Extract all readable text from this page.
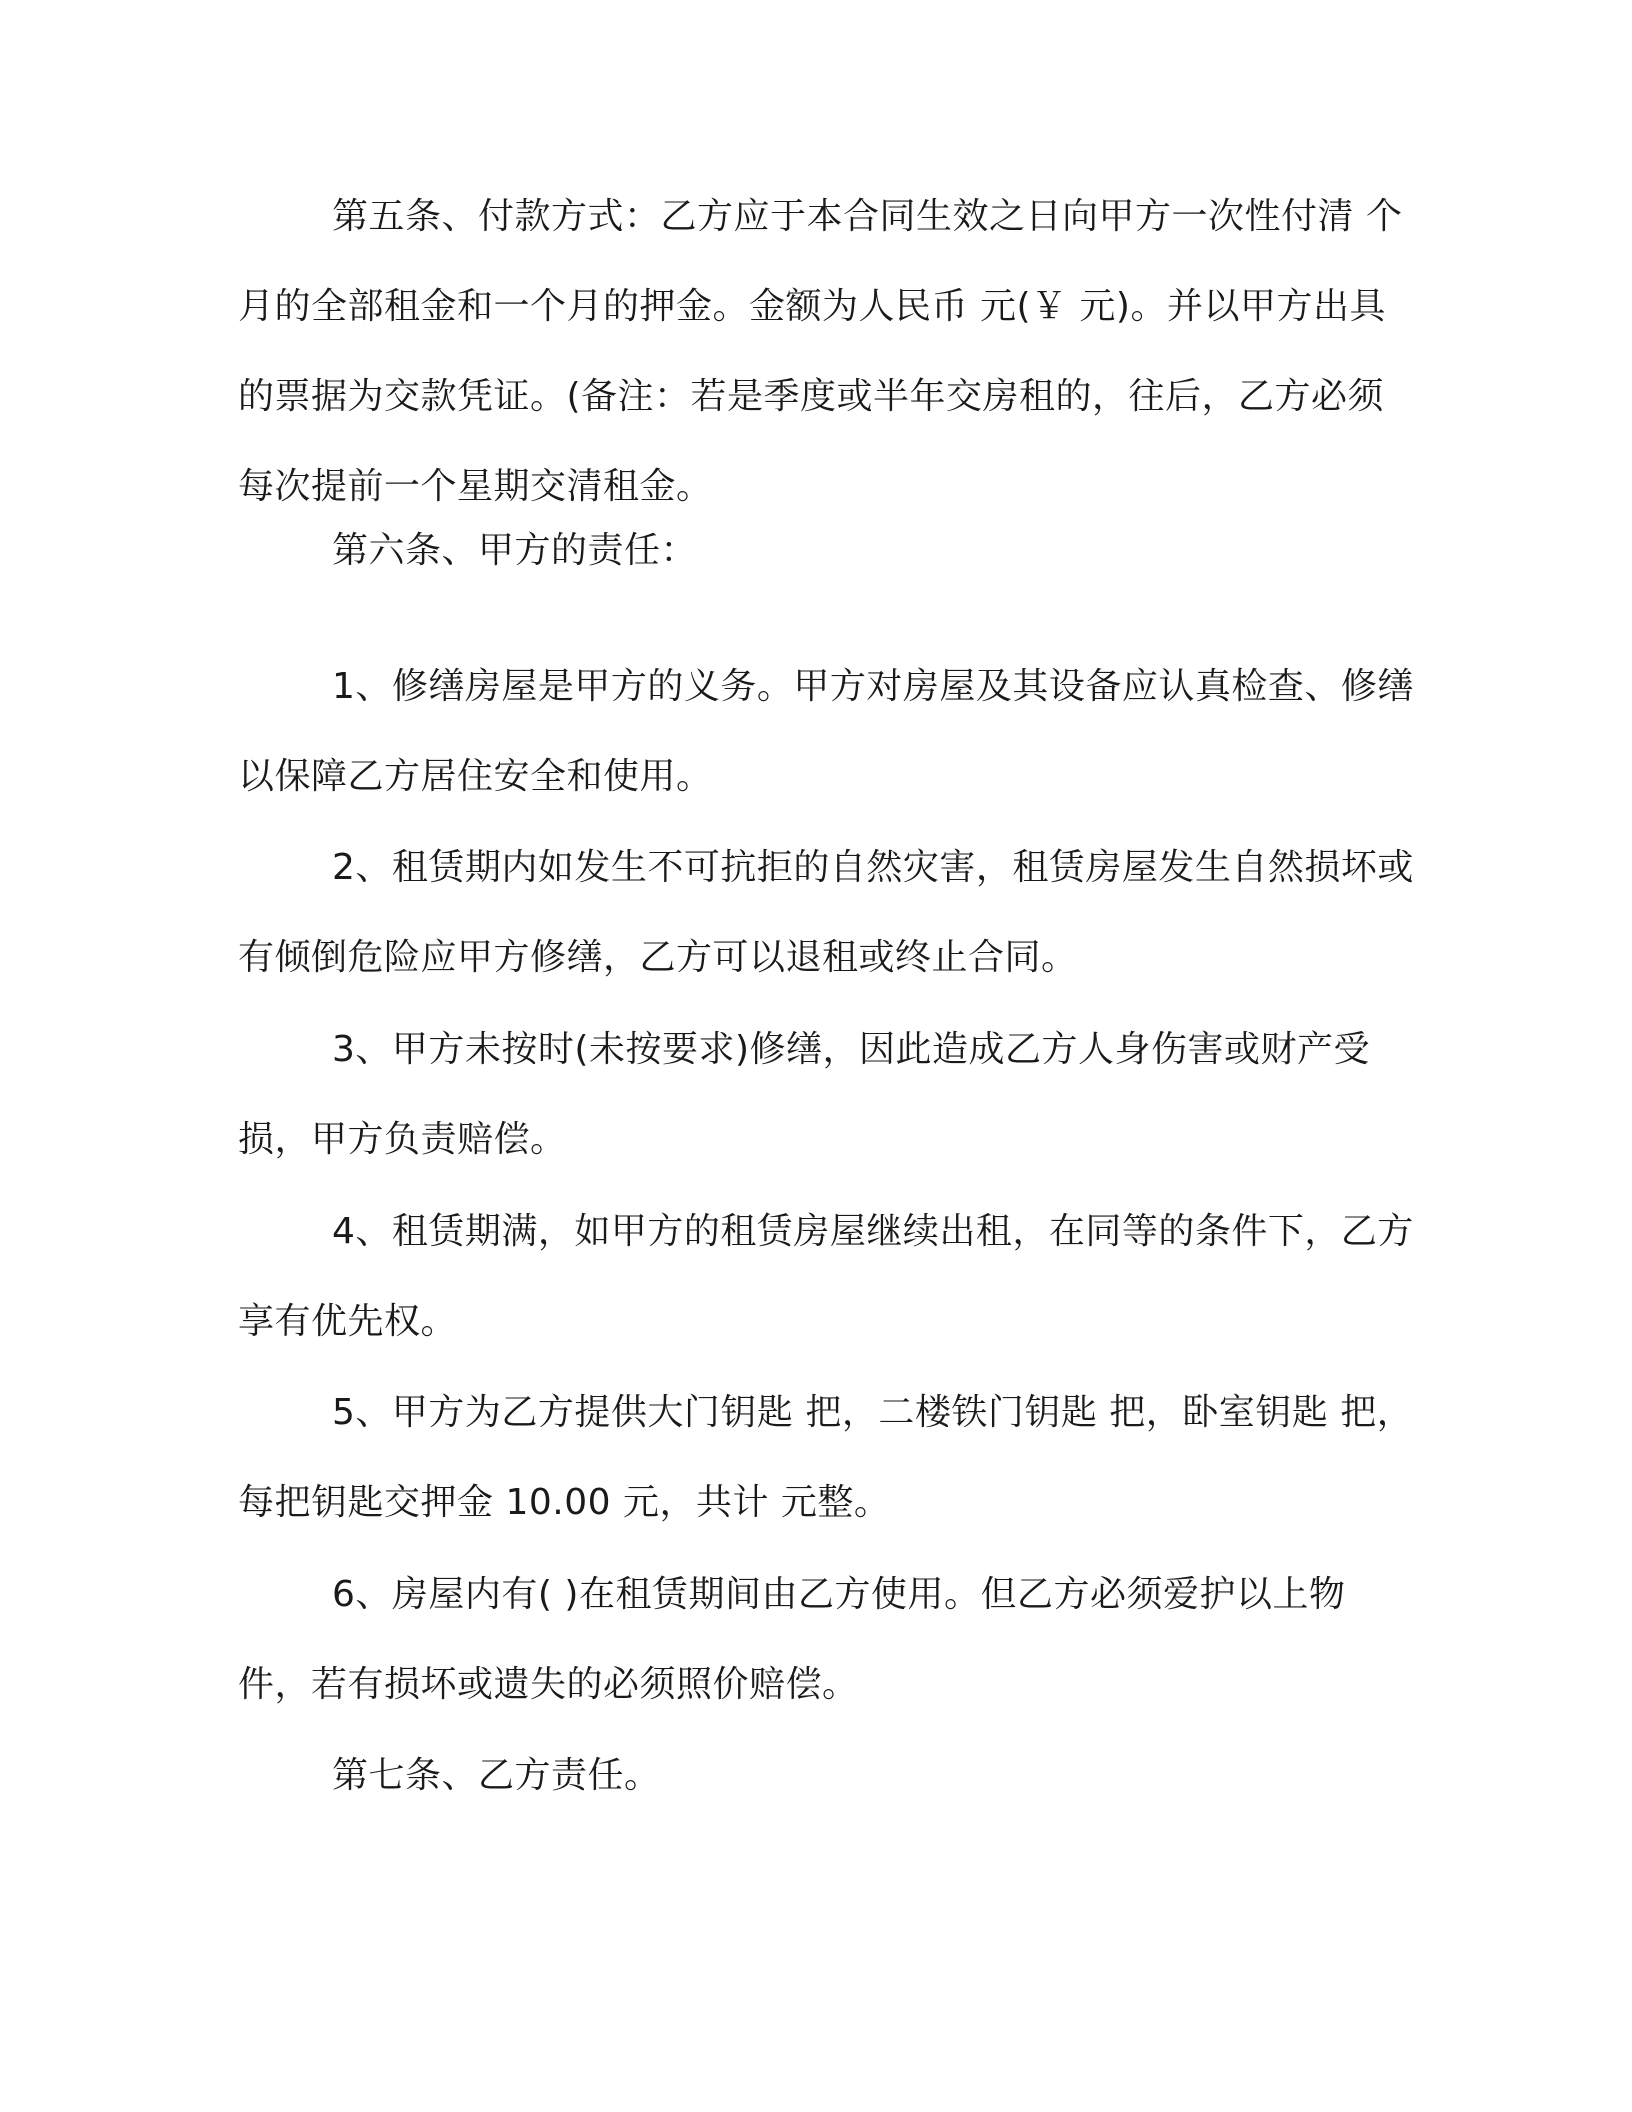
第五条、付款方式：乙方应于本合同生效之日向甲方一次性付清 个月的全部租金和一个月的押金。金额为人民币 元(￥ 元)。并以甲方出具的票据为交款凭证。(备注：若是季度或半年交房租的，往后，乙方必须每次提前一个星期交清租金。

第六条、甲方的责任：

1、修缮房屋是甲方的义务。甲方对房屋及其设备应认真检查、修缮以保障乙方居住安全和使用。

2、租赁期内如发生不可抗拒的自然灾害，租赁房屋发生自然损坏或有倾倒危险应甲方修缮，乙方可以退租或终止合同。

3、甲方未按时(未按要求)修缮，因此造成乙方人身伤害或财产受损，甲方负责赔偿。

4、租赁期满，如甲方的租赁房屋继续出租，在同等的条件下，乙方享有优先权。

5、甲方为乙方提供大门钥匙 把，二楼铁门钥匙 把，卧室钥匙 把，每把钥匙交押金 10.00 元，共计 元整。

6、房屋内有( )在租赁期间由乙方使用。但乙方必须爱护以上物件，若有损坏或遗失的必须照价赔偿。

第七条、乙方责任。
